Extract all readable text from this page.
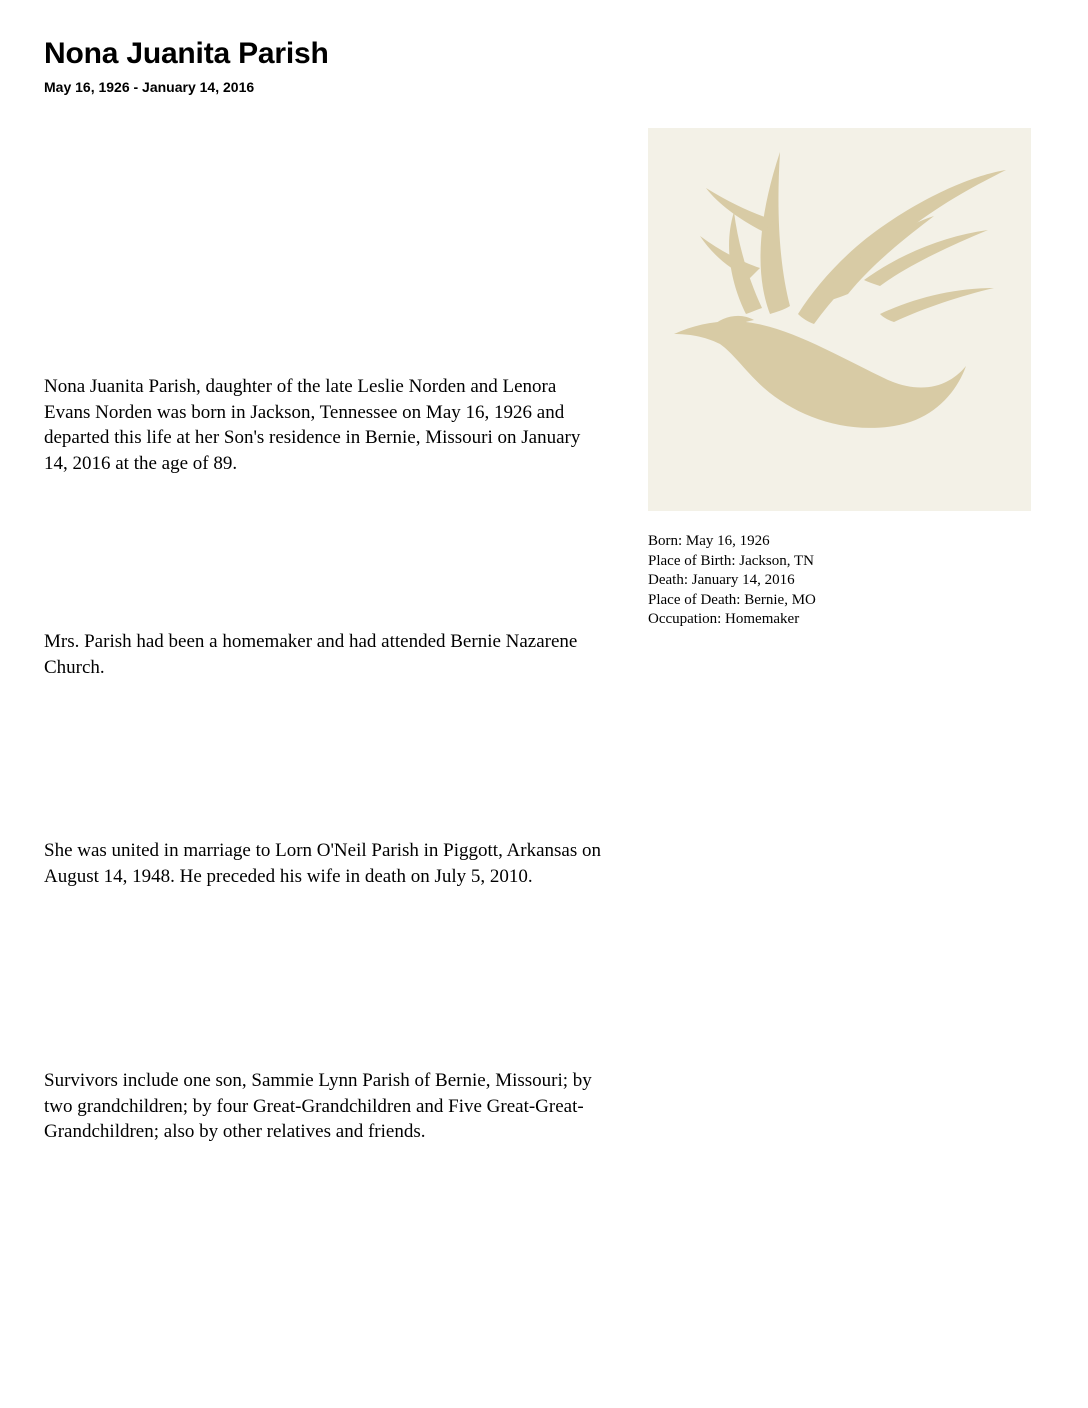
Nona Juanita Parish

May 16, 1926 - January 14, 2016

Nona Juanita Parish, daughter of the late Leslie Norden and Lenora Evans Norden was born in Jackson, Tennessee on May 16, 1926 and departed this life at her Son's residence in Bernie, Missouri on January 14, 2016 at the age of 89.

Mrs. Parish had been a homemaker and had attended Bernie Nazarene Church.

She was united in marriage to Lorn O'Neil Parish in Piggott, Arkansas on August 14, 1948. He preceded his wife in death on July 5, 2010.

Survivors include one son, Sammie Lynn Parish of Bernie, Missouri; by two grandchildren; by four Great-Grandchildren and Five Great-Great-Grandchildren; also by other relatives and friends.

Born: May 16, 1926
Place of Birth: Jackson, TN
Death: January 14, 2016
Place of Death: Bernie, MO
Occupation: Homemaker
